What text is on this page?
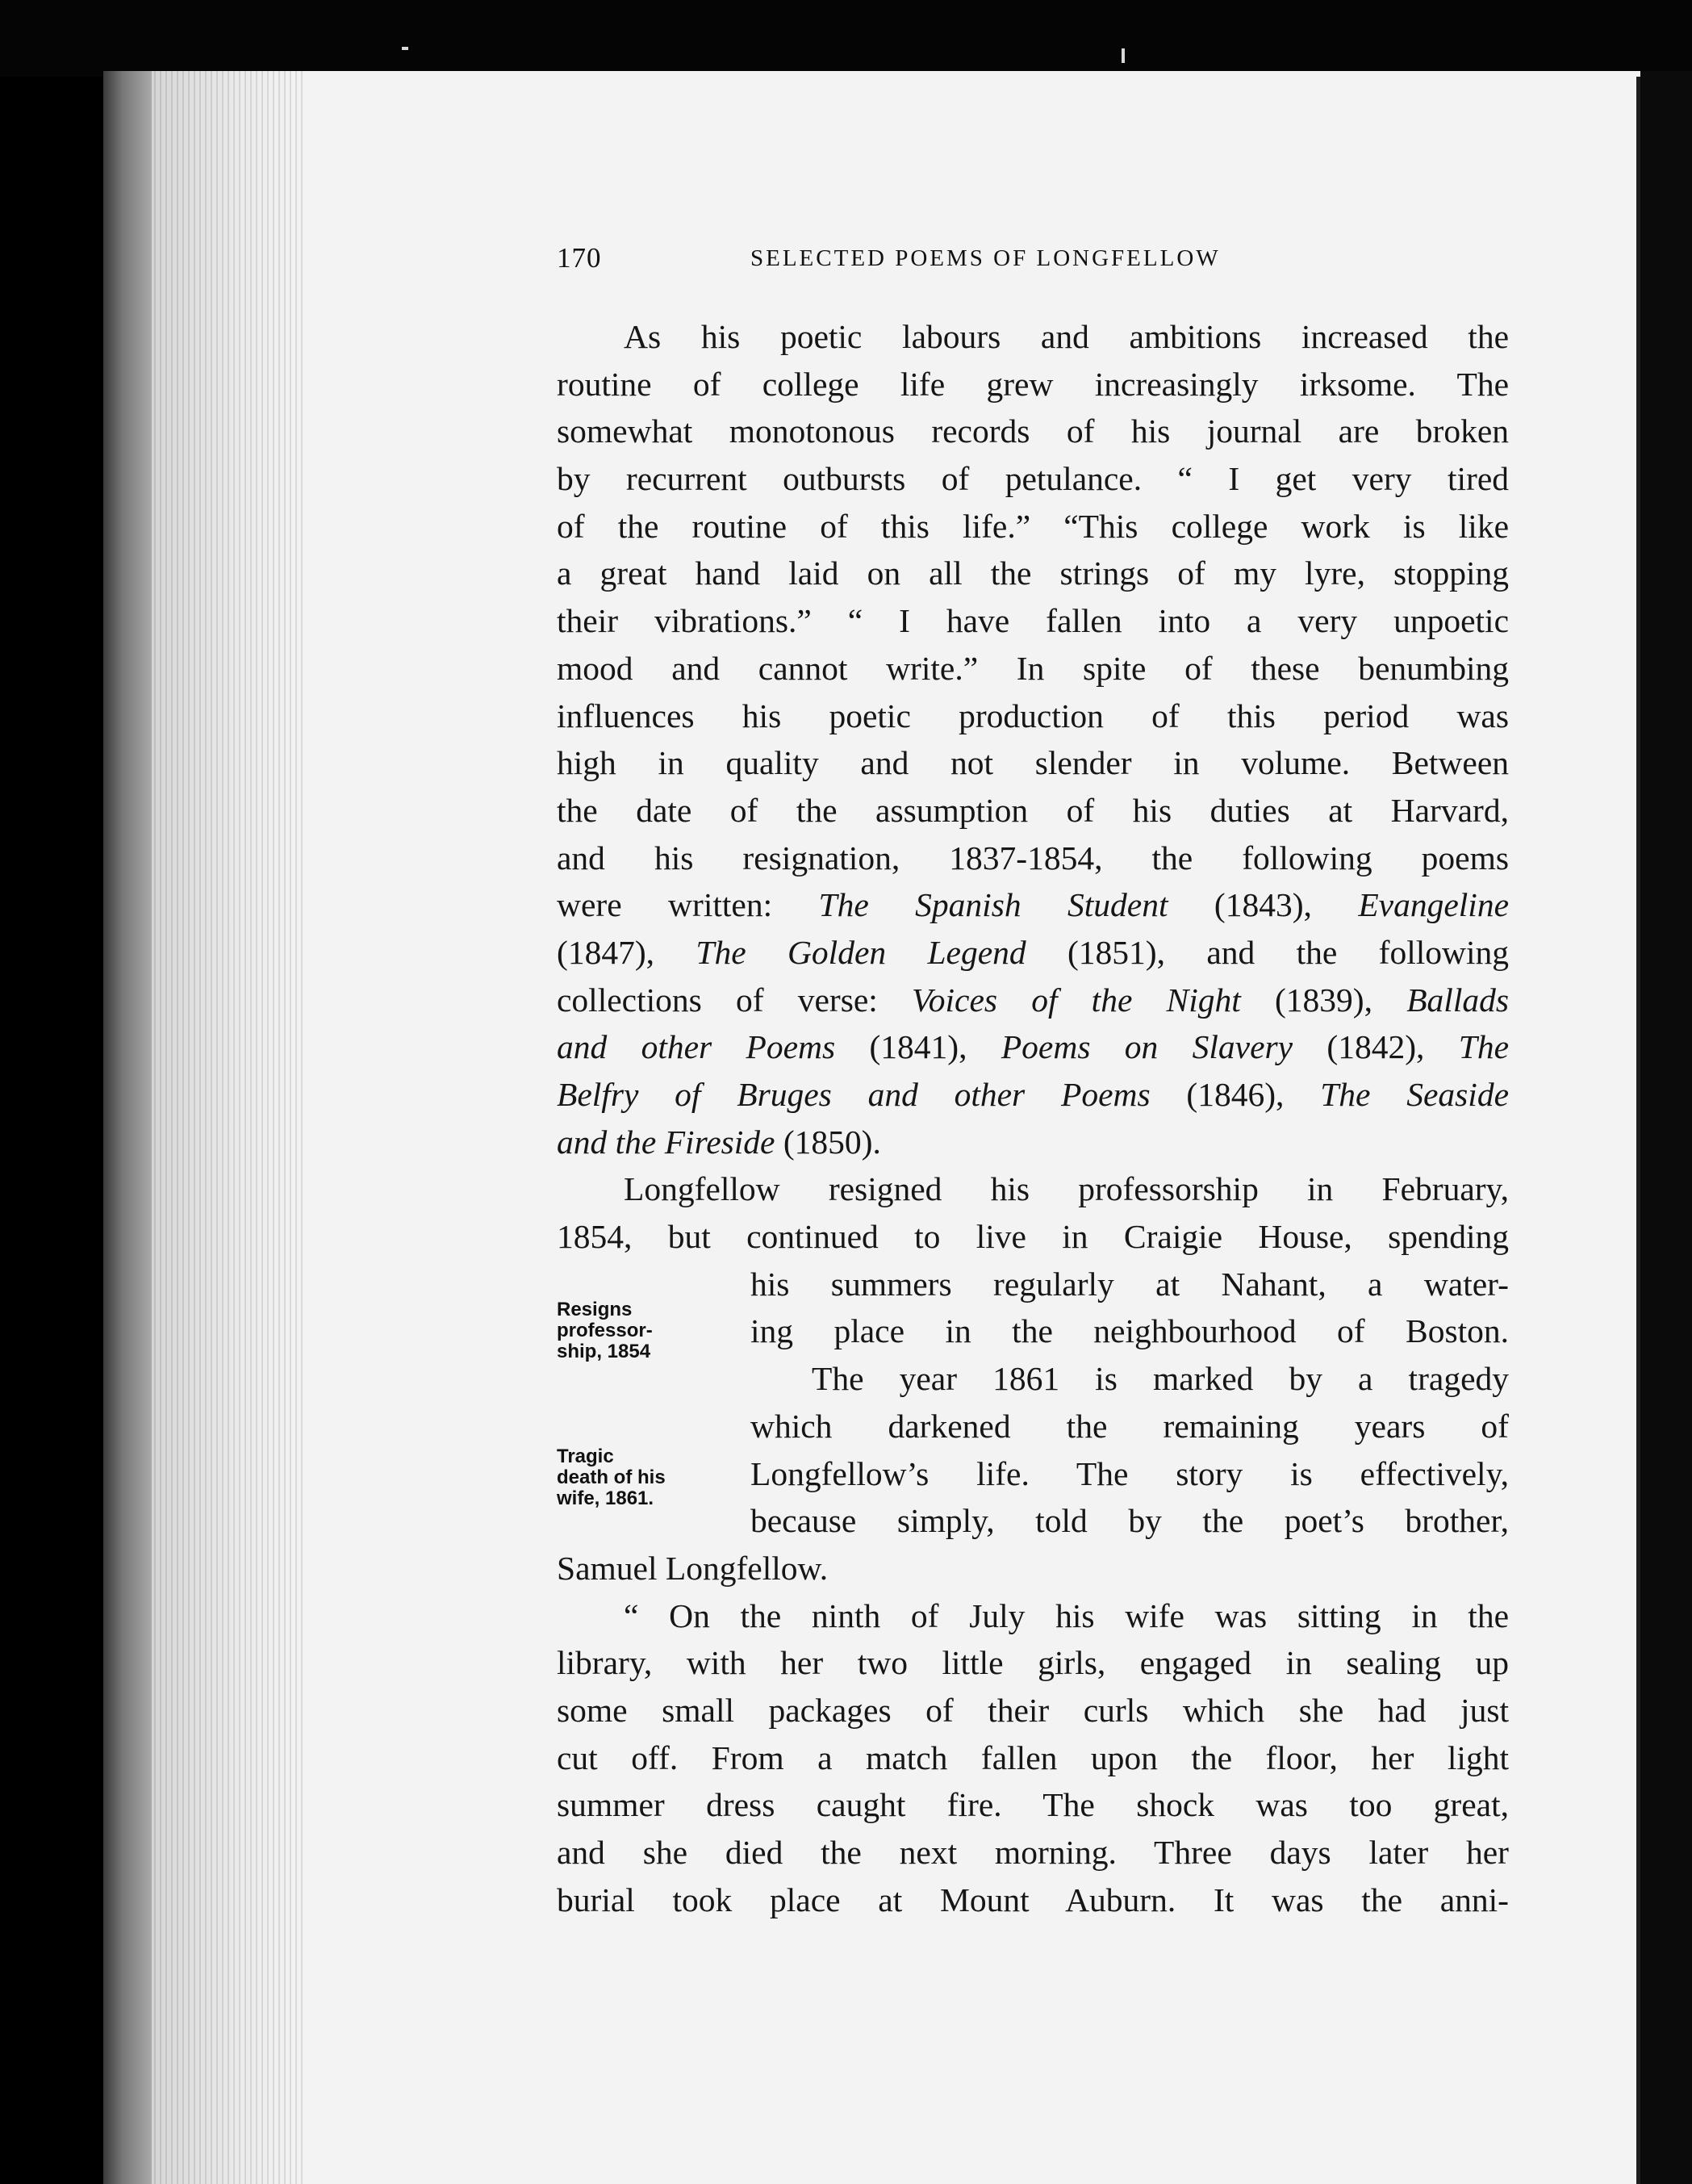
170	SELECTED POEMS OF LONGFELLOW
As his poetic labours and ambitions increased the
routine of college life grew increasingly irksome. The
somewhat monotonous records of his journal are broken
by recurrent outbursts of petulance. “ I get very tired
of the routine of this life.” “This college work is like
a great hand laid on all the strings of my lyre, stopping
their vibrations.” “ I have fallen into a very unpoetic
mood and cannot write.” In spite of these benumbing
influences his poetic production of this period was
high in quality and not slender in volume. Between
the date of the assumption of his duties at Harvard,
and his resignation, 1837-1854, the following poems
were written: The Spanish Student (1843), Evangeline
(1847), The Golden Legend (1851), and the following
collections of verse: Voices of the Night (1839), Ballads
and other Poems (1841), Poems on Slavery (1842), The
Belfry of Bruges and other Poems (1846), The Seaside
and the Fireside (1850).
Longfellow resigned his professorship in February,
1854, but continued to live in Craigie House, spending
his summers regularly at Nahant, a water-
ing place in the neighbourhood of Boston.
The year 1861 is marked by a tragedy
which darkened the remaining years of
Longfellow’s life. The story is effectively,
because simply, told by the poet’s brother,
Samuel Longfellow.
“ On the ninth of July his wife was sitting in the
library, with her two little girls, engaged in sealing up
some small packages of their curls which she had just
cut off. From a match fallen upon the floor, her light
summer dress caught fire. The shock was too great,
and she died the next morning. Three days later her
burial took place at Mount Auburn. It was the anni-
Resigns
professor-
ship, 1854
Tragic
death of his
wife, 1861.
